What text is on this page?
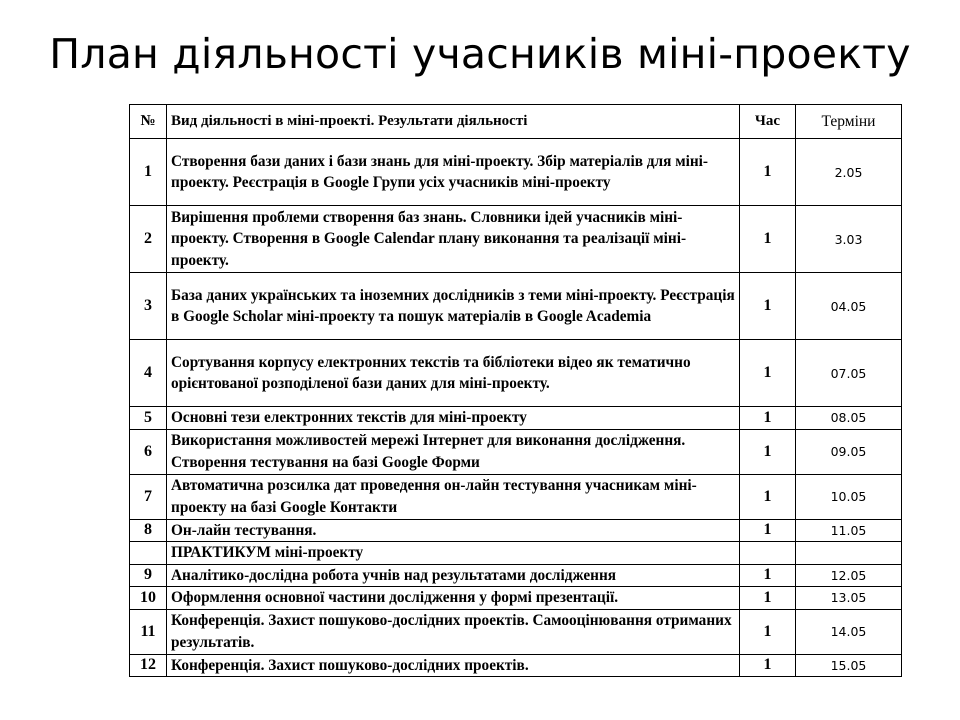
План діяльності учасників міні-проекту
№	Вид діяльності в міні-проекті. Результати діяльності	Час	Терміни
1	Створення бази даних і бази знань для міні-проекту. Збір матеріалів для міні-проекту. Реєстрація в Google Групи усіх учасників міні-проекту	1	2.05
2	Вирішення проблеми створення баз знань. Словники ідей учасників міні-проекту. Створення в Google Calendar плану виконання та реалізації міні-проекту.	1	3.03
3	База даних українських та іноземних дослідників з теми міні-проекту. Реєстрація в Google Scholar міні-проекту та пошук матеріалів в Google Academia	1	04.05
4	Сортування корпусу електронних текстів та бібліотеки відео як тематично орієнтованої розподіленої бази даних для міні-проекту.	1	07.05
5	Основні тези електронних текстів для міні-проекту	1	08.05
6	Використання можливостей мережі Інтернет для виконання дослідження. Створення тестування на базі Google Форми	1	09.05
7	Автоматична розсилка дат проведення он-лайн тестування учасникам міні-проекту на базі Google Контакти	1	10.05
8	Он-лайн тестування.	1	11.05
	ПРАКТИКУМ міні-проекту		
9	Аналітико-дослідна робота учнів над результатами дослідження	1	12.05
10	Оформлення основної частини дослідження у формі презентації.	1	13.05
11	Конференція. Захист пошуково-дослідних проектів. Самооцінювання отриманих результатів.	1	14.05
12	Конференція. Захист пошуково-дослідних проектів.	1	15.05
